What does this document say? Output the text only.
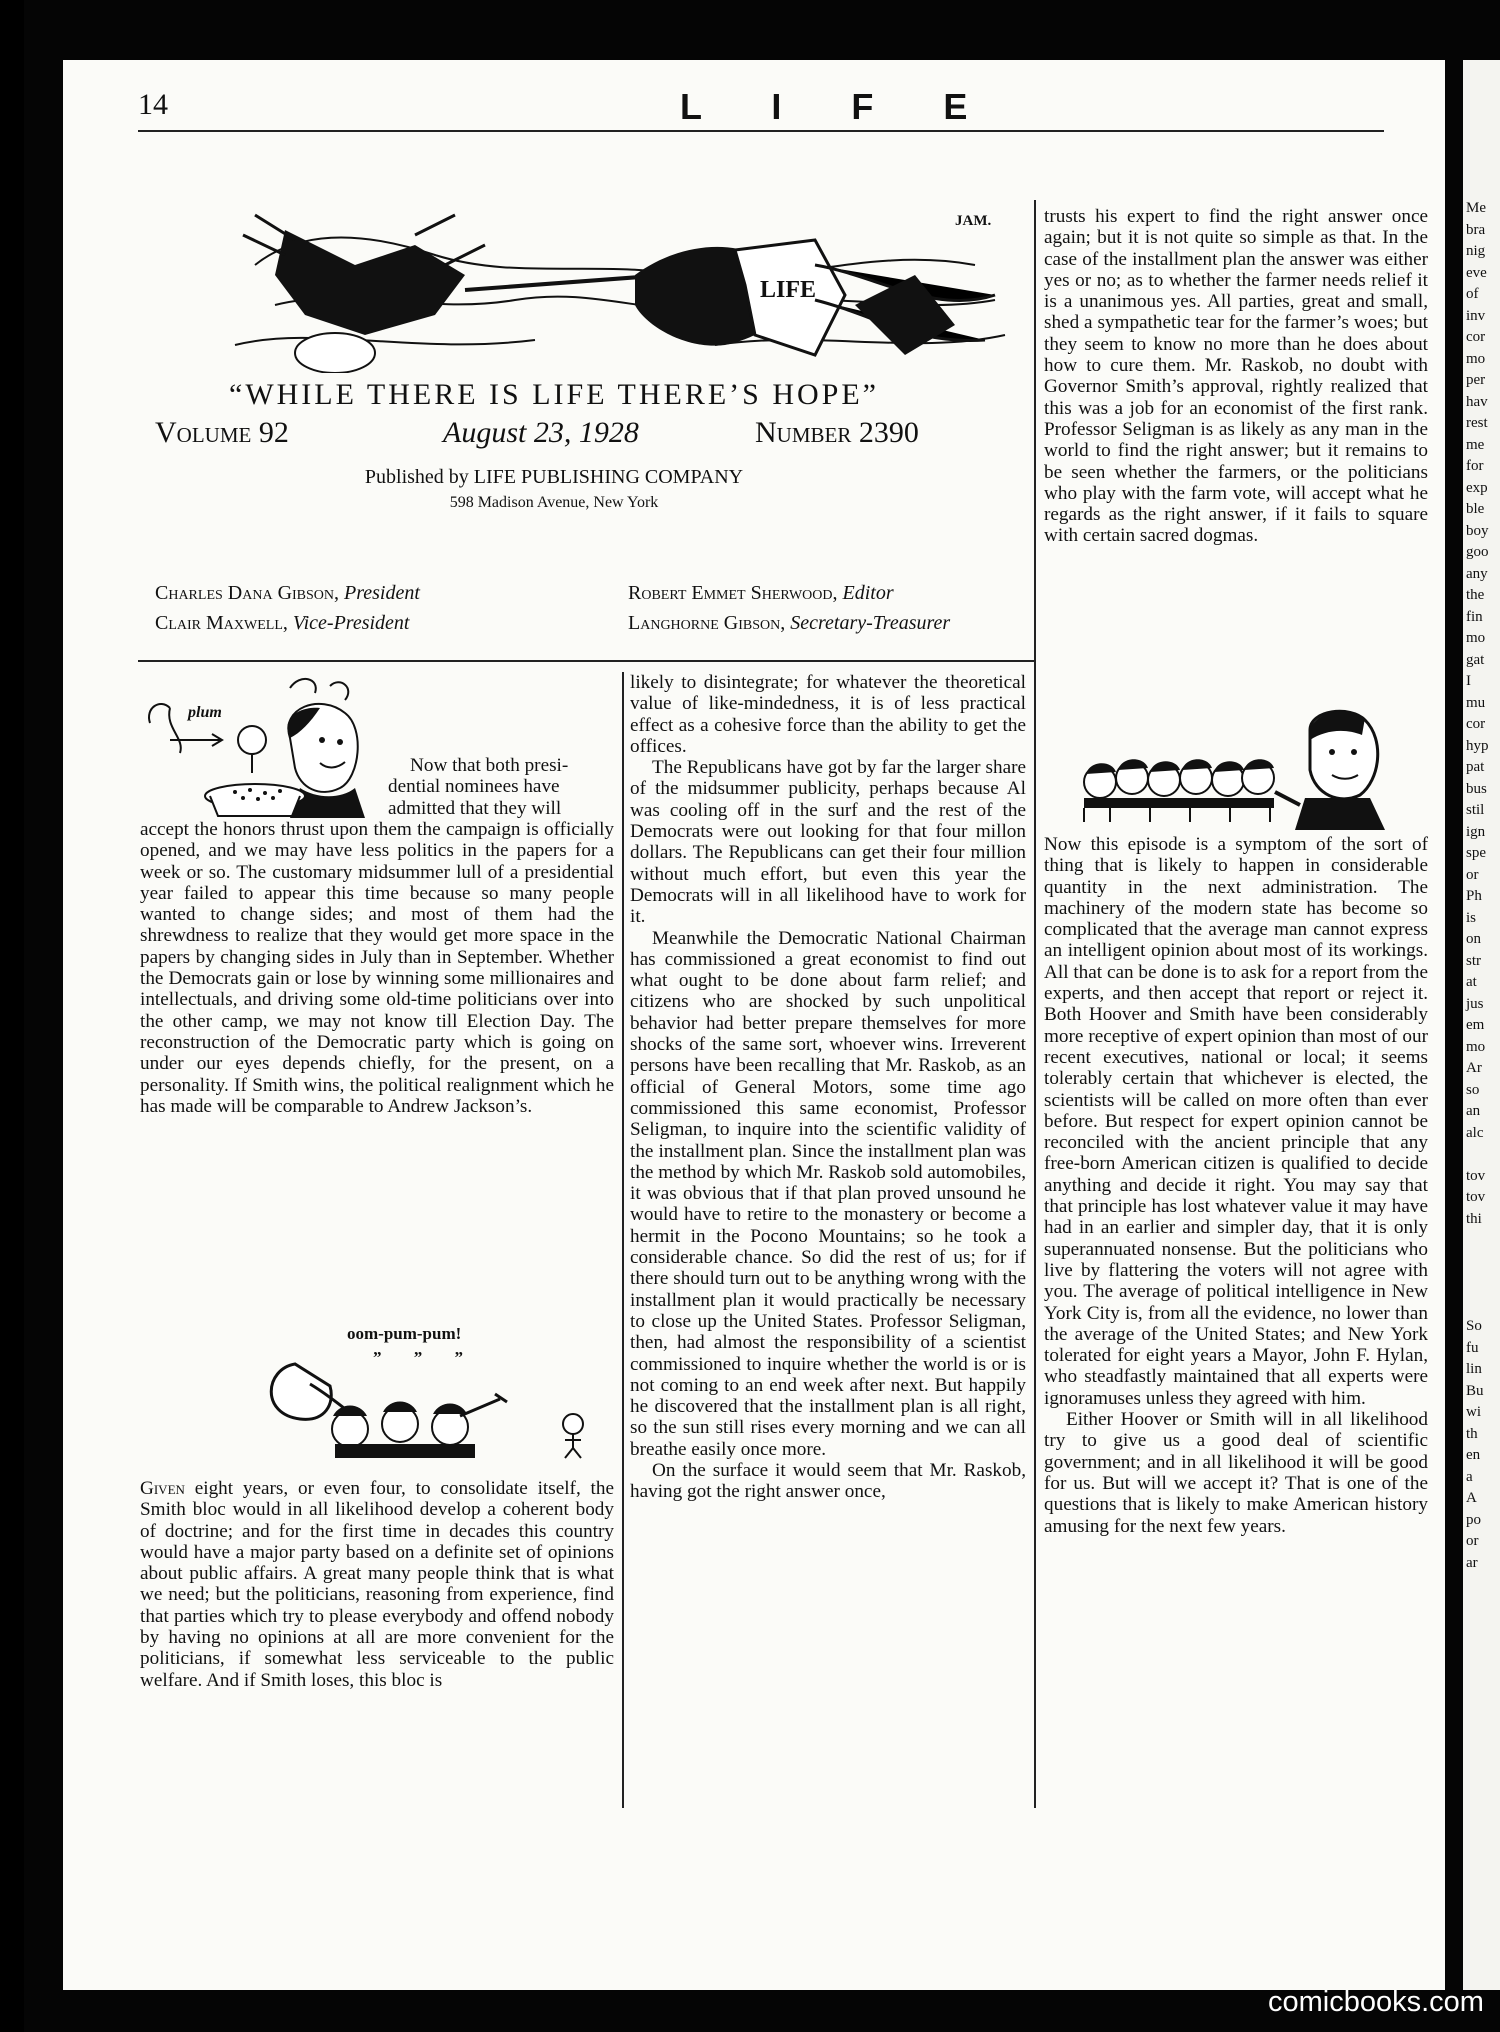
14	L I F E
LIFE
JAM.
“WHILE THERE IS LIFE THERE’S HOPE”
Volume 92	August 23, 1928	Number 2390
Published by LIFE PUBLISHING COMPANY
598 Madison Avenue, New York
Charles Dana Gibson, President	Robert Emmet Sherwood, Editor
Clair Maxwell, Vice-President	Langhorne Gibson, Secretary-Treasurer
plum

Now that both presi-

dential nominees have

admitted that they will

accept the honors thrust upon them the campaign is officially opened, and we may have less politics in the papers for a week or so. The customary midsummer lull of a presidential year failed to appear this time because so many people wanted to change sides; and most of them had the shrewdness to realize that they would get more space in the papers by changing sides in July than in September. Whether the Democrats gain or lose by winning some millionaires and intellectuals, and driving some old-time politicians over into the other camp, we may not know till Election Day. The reconstruction of the Democratic party which is going on under our eyes depends chiefly, for the present, on a personality. If Smith wins, the political realignment which he has made will be comparable to Andrew Jackson’s.

oom-pum-pum!
” ” ”

Given eight years, or even four, to consolidate itself, the Smith bloc would in all likelihood develop a coherent body of doctrine; and for the first time in decades this country would have a major party based on a definite set of opinions about public affairs. A great many people think that is what we need; but the politicians, reasoning from experience, find that parties which try to please everybody and offend nobody by having no opinions at all are more convenient for the politicians, if somewhat less serviceable to the public welfare. And if Smith loses, this bloc is

likely to disintegrate; for whatever the theoretical value of like-mindedness, it is of less practical effect as a cohesive force than the ability to get the offices.

The Republicans have got by far the larger share of the midsummer publicity, perhaps because Al was cooling off in the surf and the rest of the Democrats were out looking for that four millon dollars. The Republicans can get their four million without much effort, but even this year the Democrats will in all likelihood have to work for it.

Meanwhile the Democratic National Chairman has commissioned a great economist to find out what ought to be done about farm relief; and citizens who are shocked by such unpolitical behavior had better prepare themselves for more shocks of the same sort, whoever wins. Irreverent persons have been recalling that Mr. Raskob, as an official of General Motors, some time ago commissioned this same economist, Professor Seligman, to inquire into the scientific validity of the installment plan. Since the installment plan was the method by which Mr. Raskob sold automobiles, it was obvious that if that plan proved unsound he would have to retire to the monastery or become a hermit in the Pocono Mountains; so he took a considerable chance. So did the rest of us; for if there should turn out to be anything wrong with the installment plan it would practically be necessary to close up the United States. Professor Seligman, then, had almost the responsibility of a scientist commissioned to inquire whether the world is or is not coming to an end week after next. But happily he discovered that the installment plan is all right, so the sun still rises every morning and we can all breathe easily once more.

On the surface it would seem that Mr. Raskob, having got the right answer once,

trusts his expert to find the right answer once again; but it is not quite so simple as that. In the case of the installment plan the answer was either yes or no; as to whether the farmer needs relief it is a unanimous yes. All parties, great and small, shed a sympathetic tear for the farmer’s woes; but they seem to know no more than he does about how to cure them. Mr. Raskob, no doubt with Governor Smith’s approval, rightly realized that this was a job for an economist of the first rank. Professor Seligman is as likely as any man in the world to find the right answer; but it remains to be seen whether the farmers, or the politicians who play with the farm vote, will accept what he regards as the right answer, if it fails to square with certain sacred dogmas.

Now this episode is a symptom of the sort of thing that is likely to happen in considerable quantity in the next administration. The machinery of the modern state has become so complicated that the average man cannot express an intelligent opinion about most of its workings. All that can be done is to ask for a report from the experts, and then accept that report or reject it. Both Hoover and Smith have been considerably more receptive of expert opinion than most of our recent executives, national or local; it seems tolerably certain that whichever is elected, the scientists will be called on more often than ever before. But respect for expert opinion cannot be reconciled with the ancient principle that any free-born American citizen is qualified to decide anything and decide it right. You may say that that principle has lost whatever value it may have had in an earlier and simpler day, that it is only superannuated nonsense. But the politicians who live by flattering the voters will not agree with you. The average of political intelligence in New York City is, from all the evidence, no lower than the average of the United States; and New York tolerated for eight years a Mayor, John F. Hylan, who steadfastly maintained that all experts were ignoramuses unless they agreed with him.

Either Hoover or Smith will in all likelihood try to give us a good deal of scientific government; and in all likelihood it will be good for us. But will we accept it? That is one of the questions that is likely to make American history amusing for the next few years.

Me
bra
nig
eve
of
inv
cor
mo
per
hav
rest
me
for
exp
ble
boy
goo
any
the
fin
mo
gat
I
mu
cor
hyp
pat
bus
stil
ign
spe
or
Ph
is
on
str
at
jus
em
mo
Ar
so
an
alc
tov
tov
thi
So
fu
lin
Bu
wi
th
en
a
A
po
or
ar
comicbooks.com
